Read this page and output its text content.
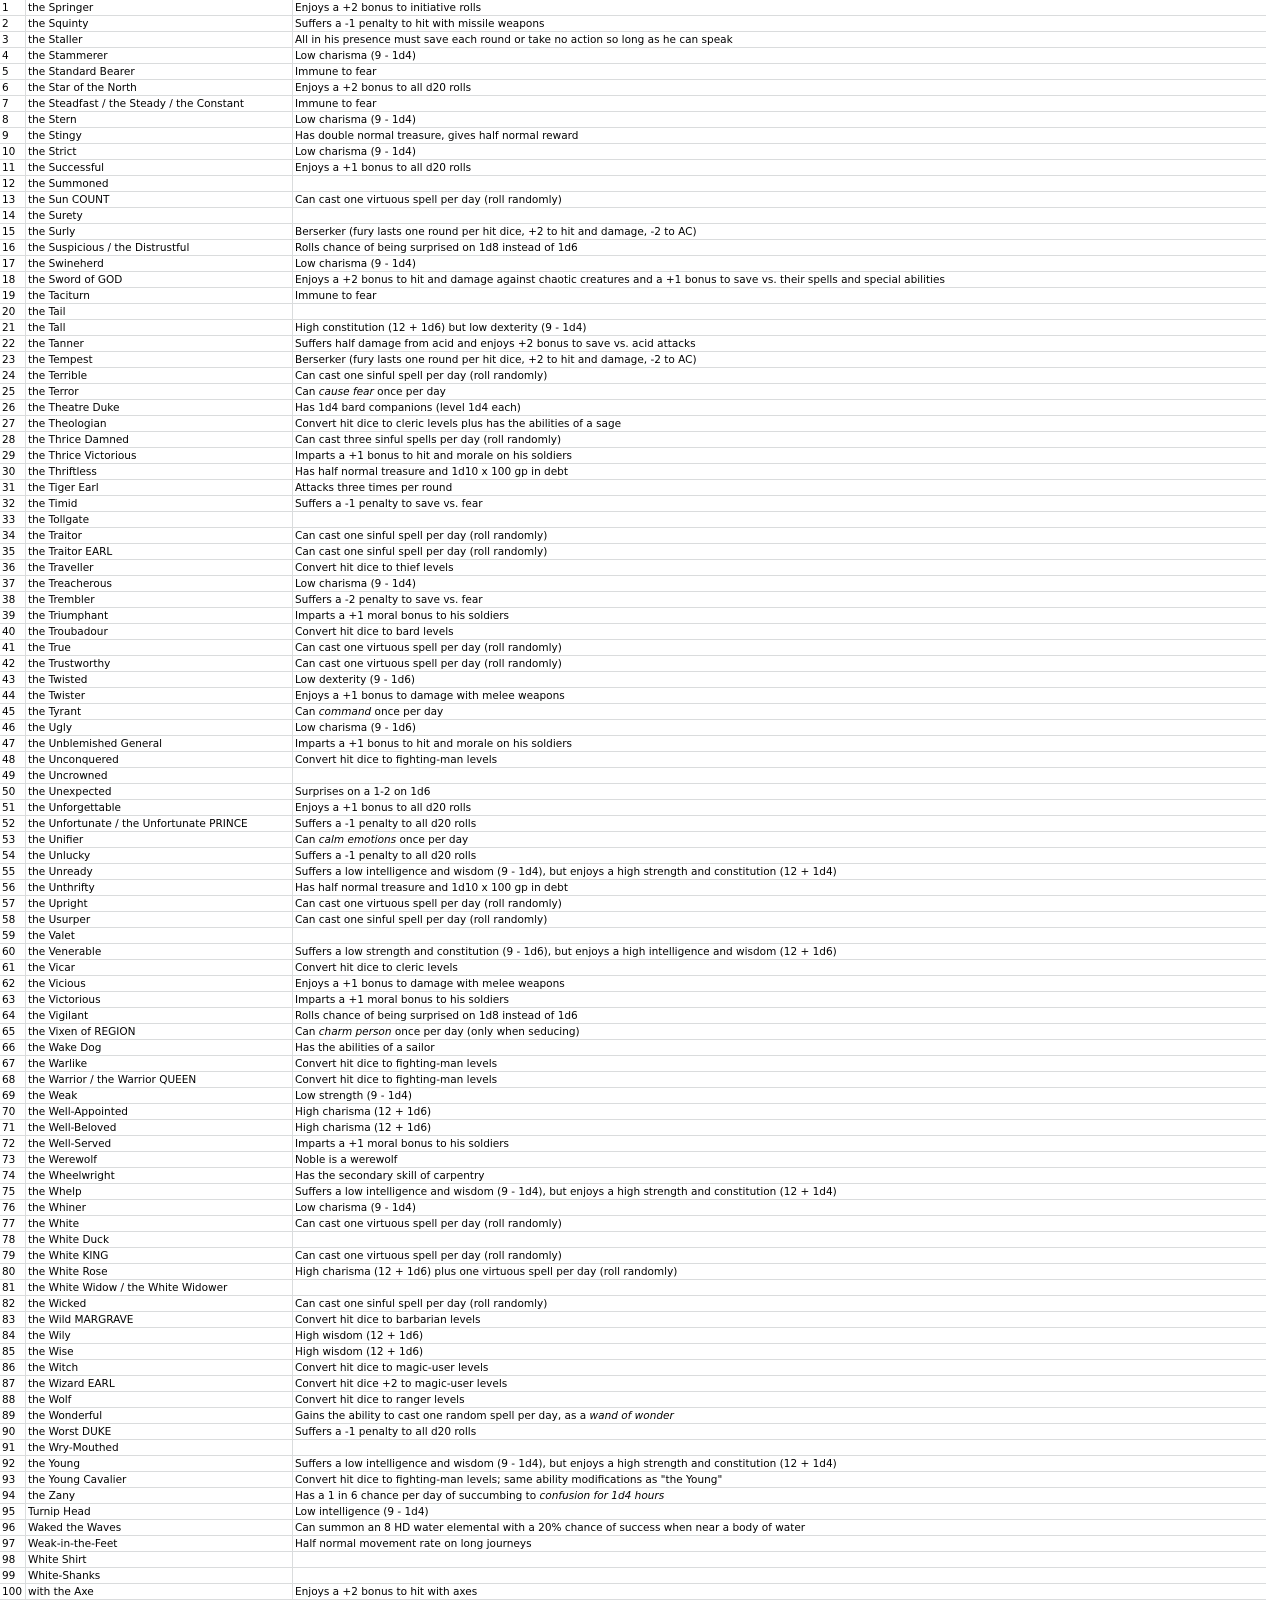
1	the Springer	Enjoys a +2 bonus to initiative rolls
2	the Squinty	Suffers a -1 penalty to hit with missile weapons
3	the Staller	All in his presence must save each round or take no action so long as he can speak
4	the Stammerer	Low charisma (9 - 1d4)
5	the Standard Bearer	Immune to fear
6	the Star of the North	Enjoys a +2 bonus to all d20 rolls
7	the Steadfast / the Steady / the Constant	Immune to fear
8	the Stern	Low charisma (9 - 1d4)
9	the Stingy	Has double normal treasure, gives half normal reward
10	the Strict	Low charisma (9 - 1d4)
11	the Successful	Enjoys a +1 bonus to all d20 rolls
12	the Summoned
13	the Sun COUNT	Can cast one virtuous spell per day (roll randomly)
14	the Surety
15	the Surly	Berserker (fury lasts one round per hit dice, +2 to hit and damage, -2 to AC)
16	the Suspicious / the Distrustful	Rolls chance of being surprised on 1d8 instead of 1d6
17	the Swineherd	Low charisma (9 - 1d4)
18	the Sword of GOD	Enjoys a +2 bonus to hit and damage against chaotic creatures and a +1 bonus to save vs. their spells and special abilities
19	the Taciturn	Immune to fear
20	the Tail
21	the Tall	High constitution (12 + 1d6) but low dexterity (9 - 1d4)
22	the Tanner	Suffers half damage from acid and enjoys +2 bonus to save vs. acid attacks
23	the Tempest	Berserker (fury lasts one round per hit dice, +2 to hit and damage, -2 to AC)
24	the Terrible	Can cast one sinful spell per day (roll randomly)
25	the Terror	Can cause fear once per day
26	the Theatre Duke	Has 1d4 bard companions (level 1d4 each)
27	the Theologian	Convert hit dice to cleric levels plus has the abilities of a sage
28	the Thrice Damned	Can cast three sinful spells per day (roll randomly)
29	the Thrice Victorious	Imparts a +1 bonus to hit and morale on his soldiers
30	the Thriftless	Has half normal treasure and 1d10 x 100 gp in debt
31	the Tiger Earl	Attacks three times per round
32	the Timid	Suffers a -1 penalty to save vs. fear
33	the Tollgate
34	the Traitor	Can cast one sinful spell per day (roll randomly)
35	the Traitor EARL	Can cast one sinful spell per day (roll randomly)
36	the Traveller	Convert hit dice to thief levels
37	the Treacherous	Low charisma (9 - 1d4)
38	the Trembler	Suffers a -2 penalty to save vs. fear
39	the Triumphant	Imparts a +1 moral bonus to his soldiers
40	the Troubadour	Convert hit dice to bard levels
41	the True	Can cast one virtuous spell per day (roll randomly)
42	the Trustworthy	Can cast one virtuous spell per day (roll randomly)
43	the Twisted	Low dexterity (9 - 1d6)
44	the Twister	Enjoys a +1 bonus to damage with melee weapons
45	the Tyrant	Can command once per day
46	the Ugly	Low charisma (9 - 1d6)
47	the Unblemished General	Imparts a +1 bonus to hit and morale on his soldiers
48	the Unconquered	Convert hit dice to fighting-man levels
49	the Uncrowned
50	the Unexpected	Surprises on a 1-2 on 1d6
51	the Unforgettable	Enjoys a +1 bonus to all d20 rolls
52	the Unfortunate / the Unfortunate PRINCE	Suffers a -1 penalty to all d20 rolls
53	the Unifier	Can calm emotions once per day
54	the Unlucky	Suffers a -1 penalty to all d20 rolls
55	the Unready	Suffers a low intelligence and wisdom (9 - 1d4), but enjoys a high strength and constitution (12 + 1d4)
56	the Unthrifty	Has half normal treasure and 1d10 x 100 gp in debt
57	the Upright	Can cast one virtuous spell per day (roll randomly)
58	the Usurper	Can cast one sinful spell per day (roll randomly)
59	the Valet
60	the Venerable	Suffers a low strength and constitution (9 - 1d6), but enjoys a high intelligence and wisdom (12 + 1d6)
61	the Vicar	Convert hit dice to cleric levels
62	the Vicious	Enjoys a +1 bonus to damage with melee weapons
63	the Victorious	Imparts a +1 moral bonus to his soldiers
64	the Vigilant	Rolls chance of being surprised on 1d8 instead of 1d6
65	the Vixen of REGION	Can charm person once per day (only when seducing)
66	the Wake Dog	Has the abilities of a sailor
67	the Warlike	Convert hit dice to fighting-man levels
68	the Warrior / the Warrior QUEEN	Convert hit dice to fighting-man levels
69	the Weak	Low strength (9 - 1d4)
70	the Well-Appointed	High charisma (12 + 1d6)
71	the Well-Beloved	High charisma (12 + 1d6)
72	the Well-Served	Imparts a +1 moral bonus to his soldiers
73	the Werewolf	Noble is a werewolf
74	the Wheelwright	Has the secondary skill of carpentry
75	the Whelp	Suffers a low intelligence and wisdom (9 - 1d4), but enjoys a high strength and constitution (12 + 1d4)
76	the Whiner	Low charisma (9 - 1d4)
77	the White	Can cast one virtuous spell per day (roll randomly)
78	the White Duck
79	the White KING	Can cast one virtuous spell per day (roll randomly)
80	the White Rose	High charisma (12 + 1d6) plus one virtuous spell per day (roll randomly)
81	the White Widow / the White Widower
82	the Wicked	Can cast one sinful spell per day (roll randomly)
83	the Wild MARGRAVE	Convert hit dice to barbarian levels
84	the Wily	High wisdom (12 + 1d6)
85	the Wise	High wisdom (12 + 1d6)
86	the Witch	Convert hit dice to magic-user levels
87	the Wizard EARL	Convert hit dice +2 to magic-user levels
88	the Wolf	Convert hit dice to ranger levels
89	the Wonderful	Gains the ability to cast one random spell per day, as a wand of wonder
90	the Worst DUKE	Suffers a -1 penalty to all d20 rolls
91	the Wry-Mouthed
92	the Young	Suffers a low intelligence and wisdom (9 - 1d4), but enjoys a high strength and constitution (12 + 1d4)
93	the Young Cavalier	Convert hit dice to fighting-man levels; same ability modifications as "the Young"
94	the Zany	Has a 1 in 6 chance per day of succumbing to confusion for 1d4 hours
95	Turnip Head	Low intelligence (9 - 1d4)
96	Waked the Waves	Can summon an 8 HD water elemental with a 20% chance of success when near a body of water
97	Weak-in-the-Feet	Half normal movement rate on long journeys
98	White Shirt
99	White-Shanks
100 with the Axe	Enjoys a +2 bonus to hit with axes
